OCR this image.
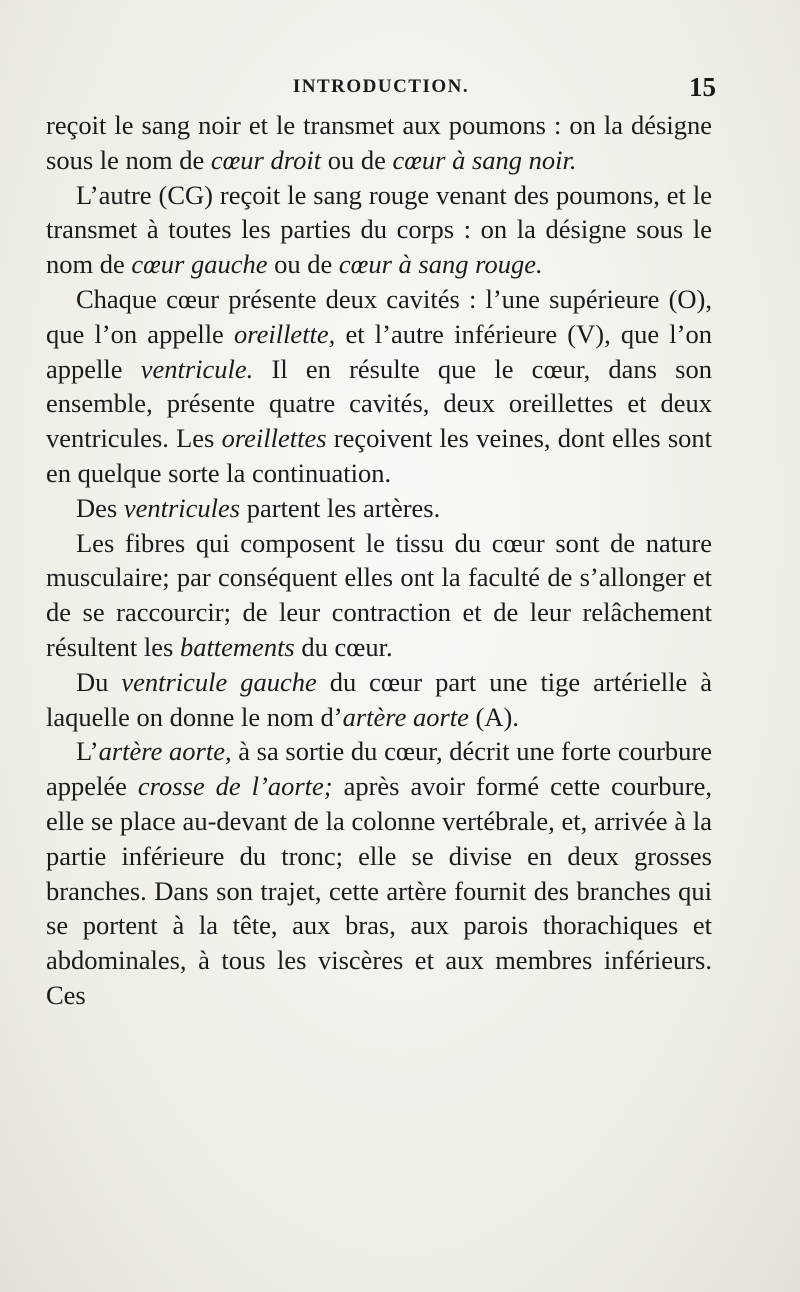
INTRODUCTION.	15

reçoit le sang noir et le transmet aux poumons : on la désigne sous le nom de cœur droit ou de cœur à sang noir.

L’autre (CG) reçoit le sang rouge venant des poumons, et le transmet à toutes les parties du corps : on la désigne sous le nom de cœur gauche ou de cœur à sang rouge.

Chaque cœur présente deux cavités : l’une supérieure (O), que l’on appelle oreillette, et l’autre inférieure (V), que l’on appelle ventricule. Il en résulte que le cœur, dans son ensemble, présente quatre cavités, deux oreillettes et deux ventricules. Les oreillettes reçoivent les veines, dont elles sont en quelque sorte la continuation.

Des ventricules partent les artères.

Les fibres qui composent le tissu du cœur sont de nature musculaire; par conséquent elles ont la faculté de s’allonger et de se raccourcir; de leur contraction et de leur relâchement résultent les battements du cœur.

Du ventricule gauche du cœur part une tige artérielle à laquelle on donne le nom d’artère aorte (A).

L’artère aorte, à sa sortie du cœur, décrit une forte courbure appelée crosse de l’aorte; après avoir formé cette courbure, elle se place au-devant de la colonne vertébrale, et, arrivée à la partie inférieure du tronc; elle se divise en deux grosses branches. Dans son trajet, cette artère fournit des branches qui se portent à la tête, aux bras, aux parois thorachiques et abdominales, à tous les viscères et aux membres inférieurs. Ces
